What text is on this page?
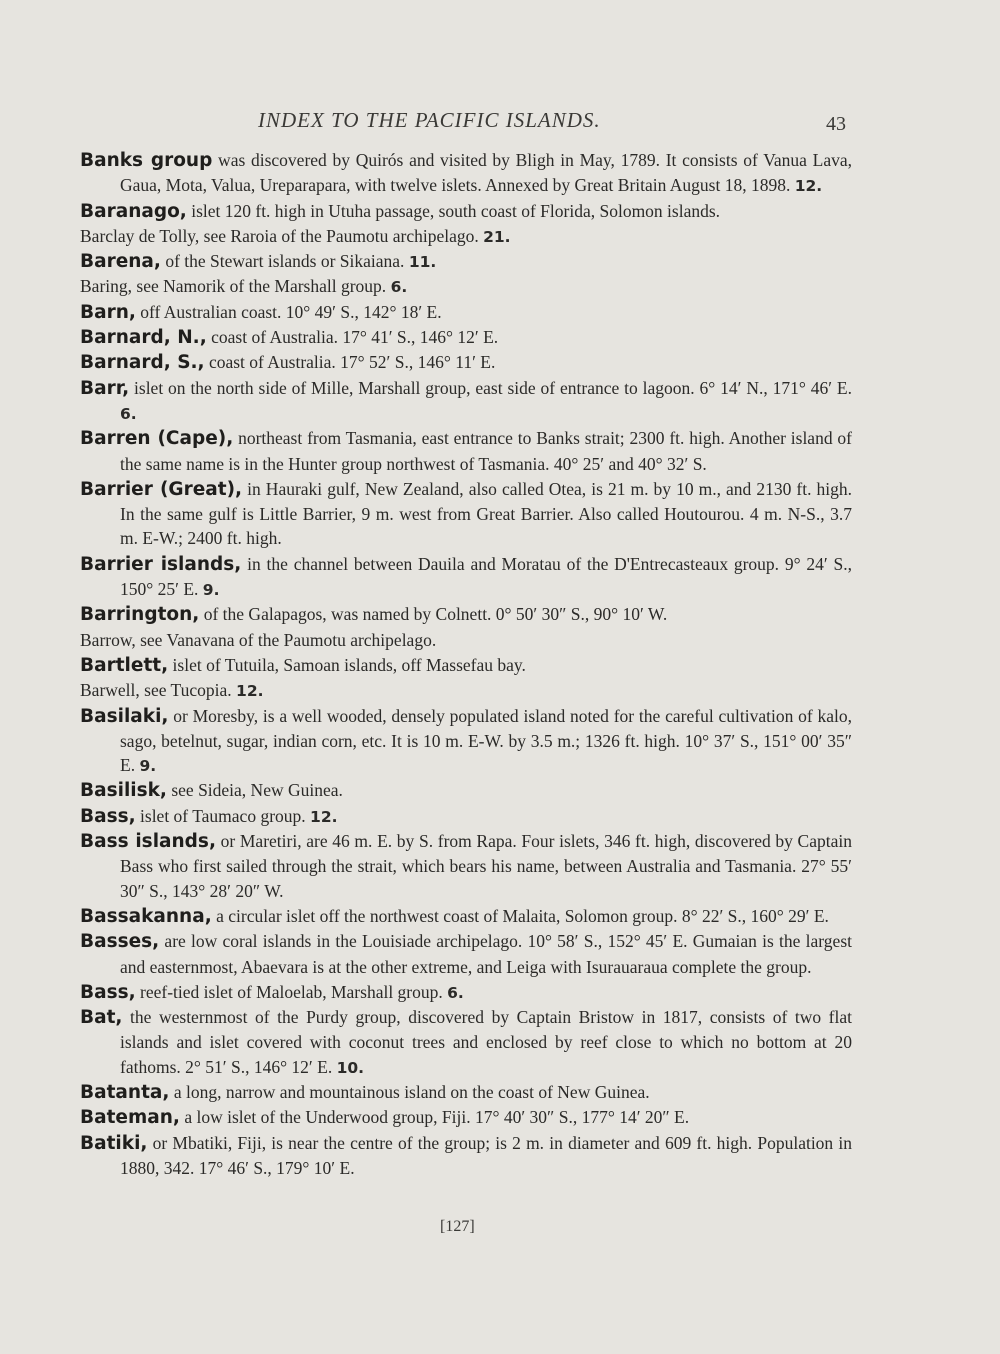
INDEX TO THE PACIFIC ISLANDS.	43

Banks group was discovered by Quirós and visited by Bligh in May, 1789. It consists of Vanua Lava, Gaua, Mota, Valua, Ureparapara, with twelve islets. Annexed by Great Britain August 18, 1898. 12.

Baranago, islet 120 ft. high in Utuha passage, south coast of Florida, Solomon islands.

Barclay de Tolly, see Raroia of the Paumotu archipelago. 21.

Barena, of the Stewart islands or Sikaiana. 11.

Baring, see Namorik of the Marshall group. 6.

Barn, off Australian coast. 10° 49′ S., 142° 18′ E.

Barnard, N., coast of Australia. 17° 41′ S., 146° 12′ E.

Barnard, S., coast of Australia. 17° 52′ S., 146° 11′ E.

Barr, islet on the north side of Mille, Marshall group, east side of entrance to lagoon. 6° 14′ N., 171° 46′ E. 6.

Barren (Cape), northeast from Tasmania, east entrance to Banks strait; 2300 ft. high. Another island of the same name is in the Hunter group northwest of Tasmania. 40° 25′ and 40° 32′ S.

Barrier (Great), in Hauraki gulf, New Zealand, also called Otea, is 21 m. by 10 m., and 2130 ft. high. In the same gulf is Little Barrier, 9 m. west from Great Barrier. Also called Houtourou. 4 m. N-S., 3.7 m. E-W.; 2400 ft. high.

Barrier islands, in the channel between Dauila and Moratau of the D'Entrecasteaux group. 9° 24′ S., 150° 25′ E. 9.

Barrington, of the Galapagos, was named by Colnett. 0° 50′ 30″ S., 90° 10′ W.

Barrow, see Vanavana of the Paumotu archipelago.

Bartlett, islet of Tutuila, Samoan islands, off Massefau bay.

Barwell, see Tucopia. 12.

Basilaki, or Moresby, is a well wooded, densely populated island noted for the careful cultivation of kalo, sago, betelnut, sugar, indian corn, etc. It is 10 m. E-W. by 3.5 m.; 1326 ft. high. 10° 37′ S., 151° 00′ 35″ E. 9.

Basilisk, see Sideia, New Guinea.

Bass, islet of Taumaco group. 12.

Bass islands, or Maretiri, are 46 m. E. by S. from Rapa. Four islets, 346 ft. high, discovered by Captain Bass who first sailed through the strait, which bears his name, between Australia and Tasmania. 27° 55′ 30″ S., 143° 28′ 20″ W.

Bassakanna, a circular islet off the northwest coast of Malaita, Solomon group. 8° 22′ S., 160° 29′ E.

Basses, are low coral islands in the Louisiade archipelago. 10° 58′ S., 152° 45′ E. Gumaian is the largest and easternmost, Abaevara is at the other extreme, and Leiga with Isurauaraua complete the group.

Bass, reef-tied islet of Maloelab, Marshall group. 6.

Bat, the westernmost of the Purdy group, discovered by Captain Bristow in 1817, consists of two flat islands and islet covered with coconut trees and enclosed by reef close to which no bottom at 20 fathoms. 2° 51′ S., 146° 12′ E. 10.

Batanta, a long, narrow and mountainous island on the coast of New Guinea.

Bateman, a low islet of the Underwood group, Fiji. 17° 40′ 30″ S., 177° 14′ 20″ E.

Batiki, or Mbatiki, Fiji, is near the centre of the group; is 2 m. in diameter and 609 ft. high. Population in 1880, 342. 17° 46′ S., 179° 10′ E.

[127]
